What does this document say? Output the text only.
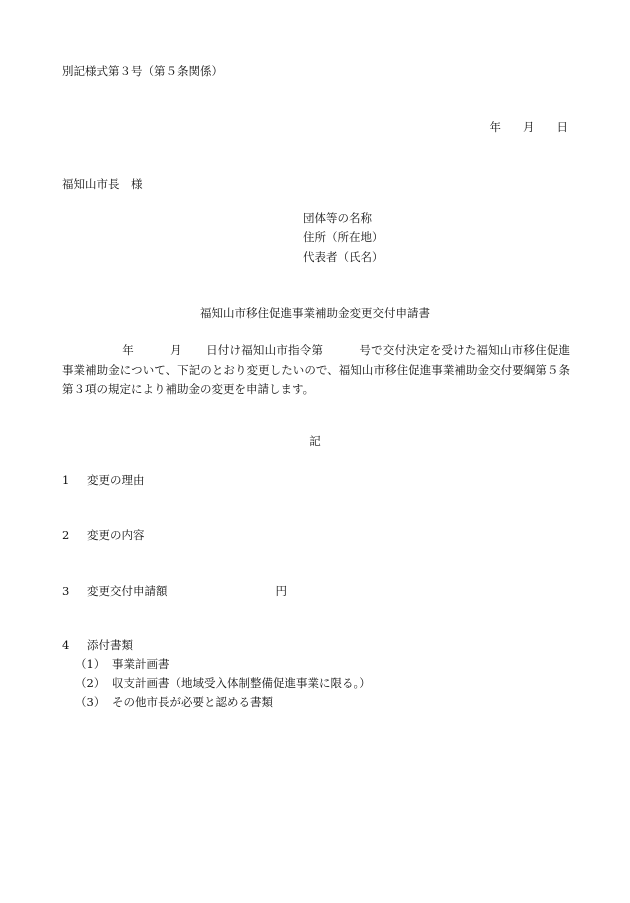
別記様式第３号（第５条関係）
年 月 日
福知山市長　様
団体等の名称
住所（所在地）
代表者（氏名）
福知山市移住促進事業補助金変更交付申請書
年	月 日付け福知山市指令第	号で交付決定を受けた福知山市移住促進事業補助金について、下記のとおり変更したいので、福知山市移住促進事業補助金交付要綱第５条第３項の規定により補助金の変更を申請します。
記
1 変更の理由
2 変更の内容
3 変更交付申請額	円
4 添付書類
（1） 事業計画書
（2） 収支計画書（地域受入体制整備促進事業に限る。）
（3） その他市長が必要と認める書類
